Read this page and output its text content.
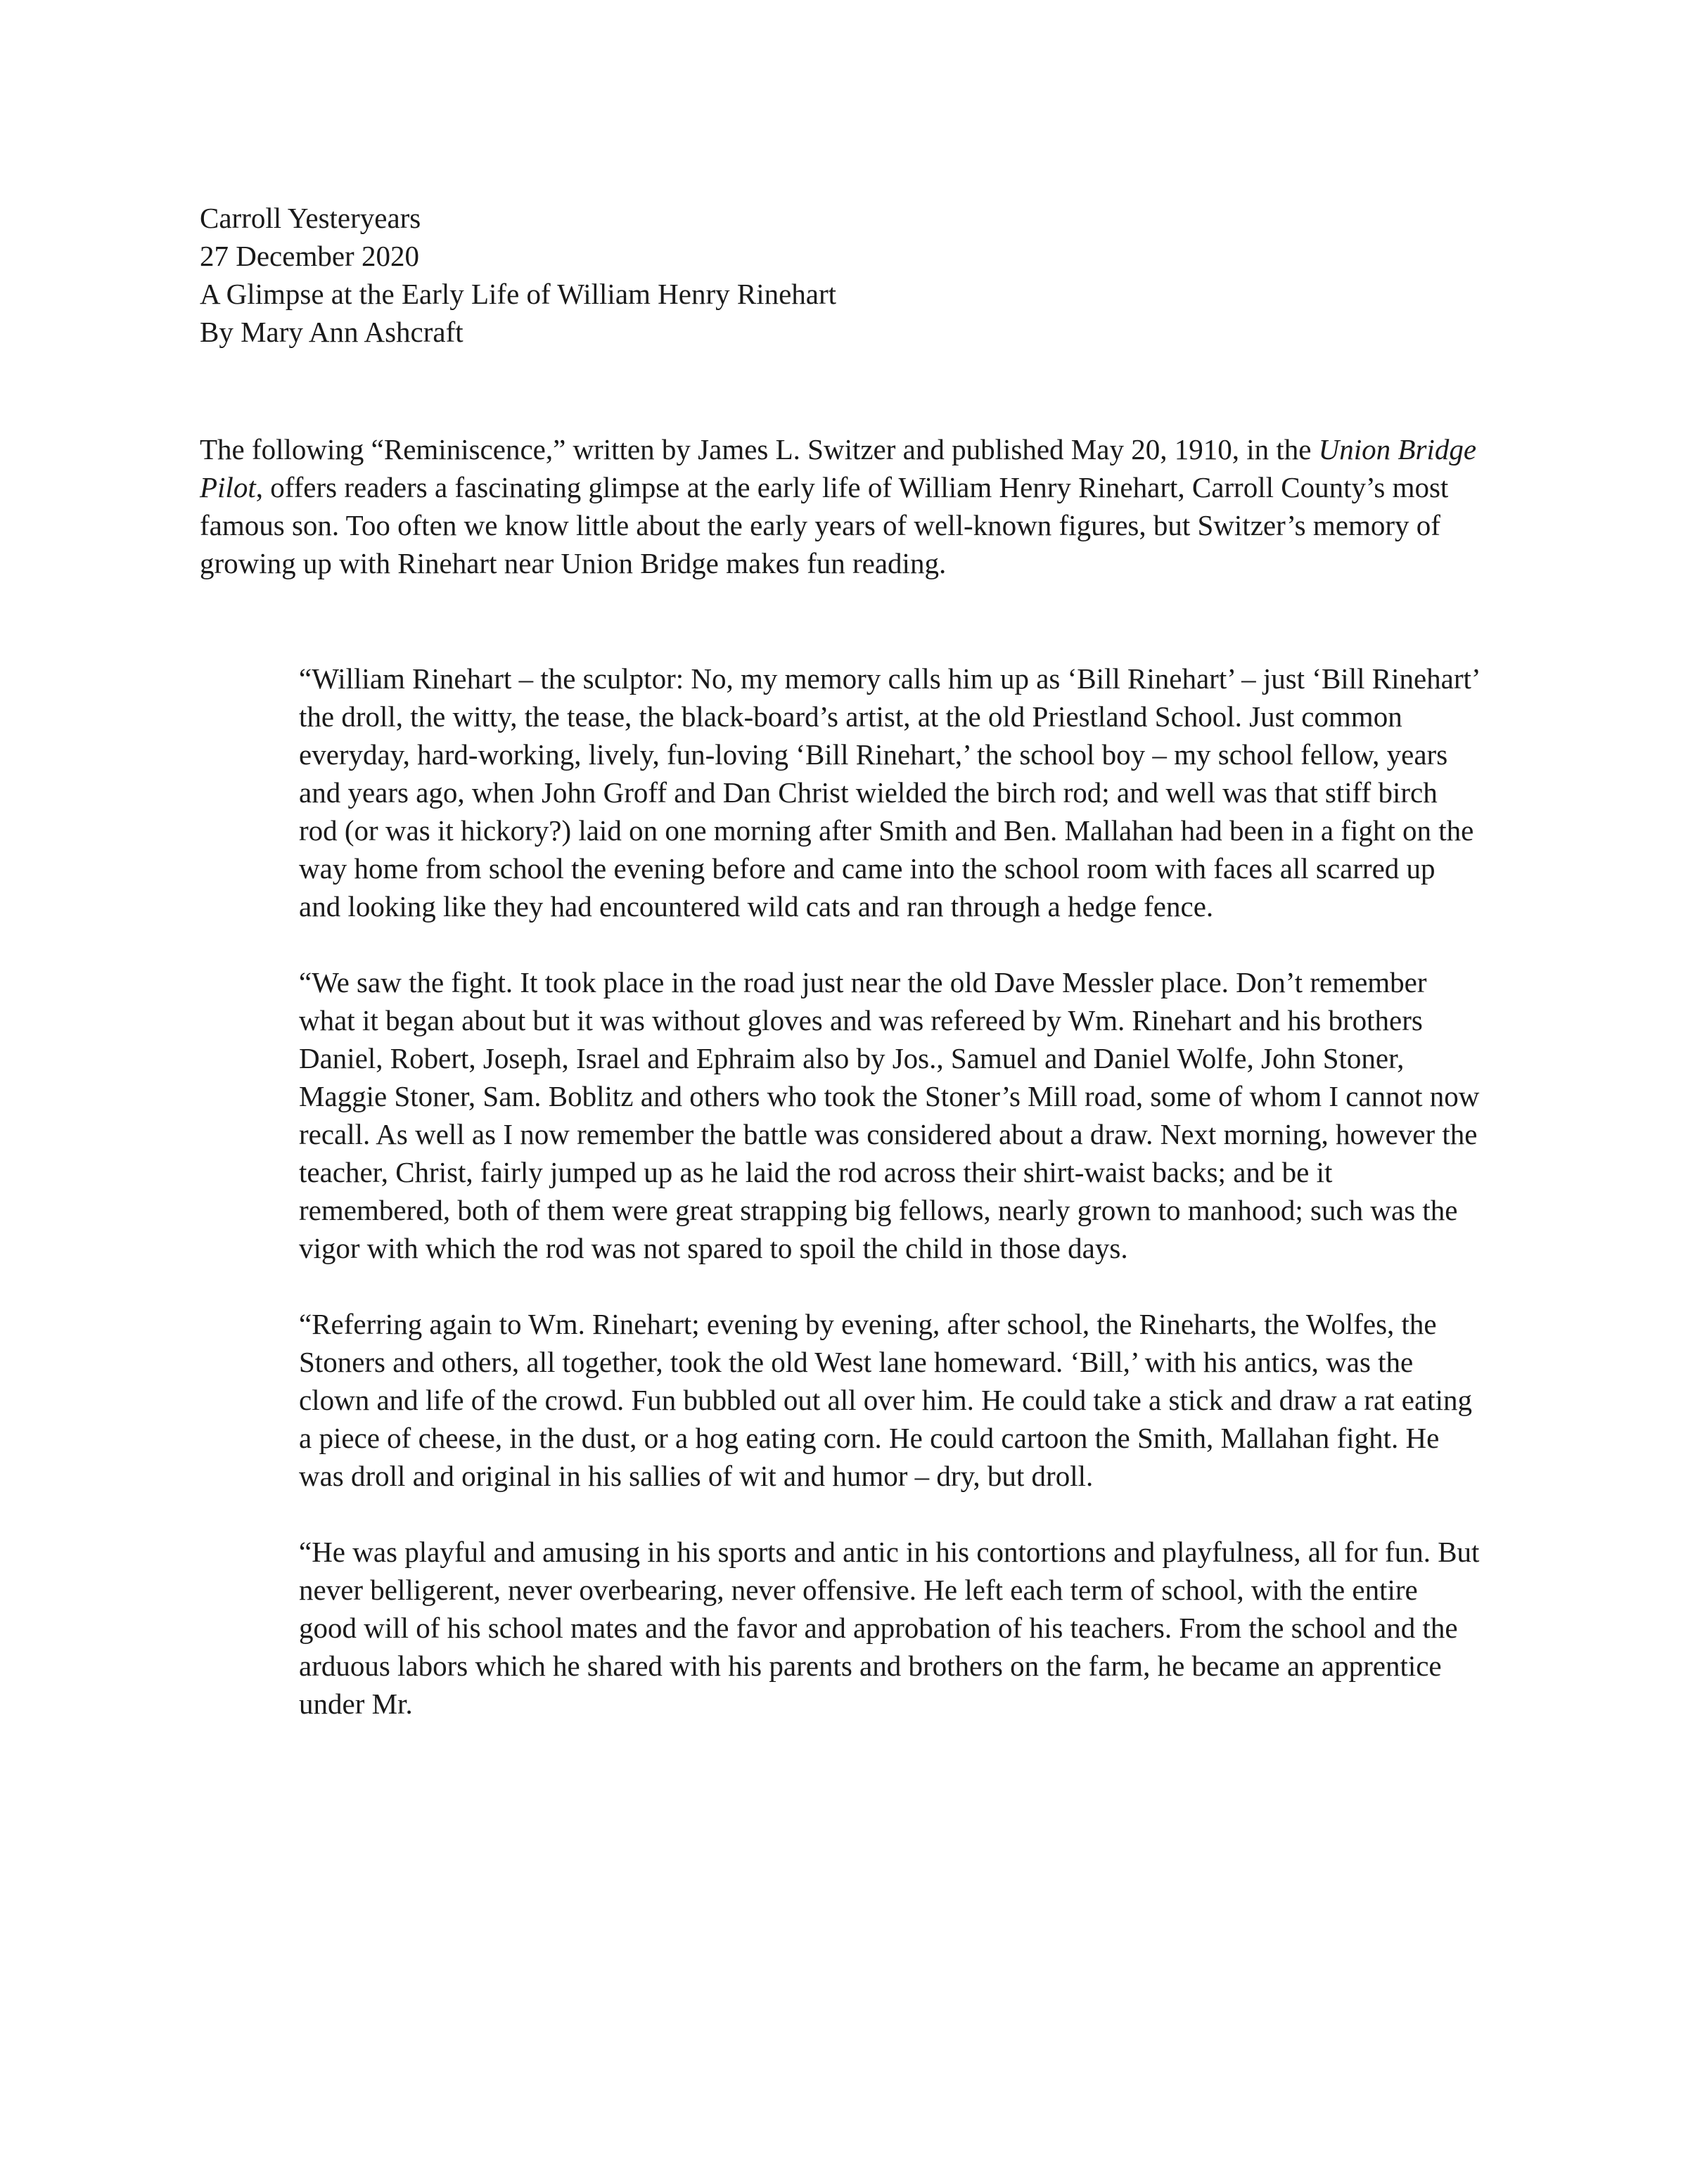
Carroll Yesteryears
27 December 2020
A Glimpse at the Early Life of William Henry Rinehart
By Mary Ann Ashcraft

The following “Reminiscence,” written by James L. Switzer and published May 20, 1910, in the Union Bridge Pilot, offers readers a fascinating glimpse at the early life of William Henry Rinehart, Carroll County’s most famous son. Too often we know little about the early years of well-known figures, but Switzer’s memory of growing up with Rinehart near Union Bridge makes fun reading.

“William Rinehart – the sculptor: No, my memory calls him up as ‘Bill Rinehart’ – just ‘Bill Rinehart’ the droll, the witty, the tease, the black-board’s artist, at the old Priestland School. Just common everyday, hard-working, lively, fun-loving ‘Bill Rinehart,’ the school boy – my school fellow, years and years ago, when John Groff and Dan Christ wielded the birch rod; and well was that stiff birch rod (or was it hickory?) laid on one morning after Smith and Ben. Mallahan had been in a fight on the way home from school the evening before and came into the school room with faces all scarred up and looking like they had encountered wild cats and ran through a hedge fence.

“We saw the fight. It took place in the road just near the old Dave Messler place. Don’t remember what it began about but it was without gloves and was refereed by Wm. Rinehart and his brothers Daniel, Robert, Joseph, Israel and Ephraim also by Jos., Samuel and Daniel Wolfe, John Stoner, Maggie Stoner, Sam. Boblitz and others who took the Stoner’s Mill road, some of whom I cannot now recall. As well as I now remember the battle was considered about a draw. Next morning, however the teacher, Christ, fairly jumped up as he laid the rod across their shirt-waist backs; and be it remembered, both of them were great strapping big fellows, nearly grown to manhood; such was the vigor with which the rod was not spared to spoil the child in those days.

“Referring again to Wm. Rinehart; evening by evening, after school, the Rineharts, the Wolfes, the Stoners and others, all together, took the old West lane homeward. ‘Bill,’ with his antics, was the clown and life of the crowd. Fun bubbled out all over him. He could take a stick and draw a rat eating a piece of cheese, in the dust, or a hog eating corn. He could cartoon the Smith, Mallahan fight. He was droll and original in his sallies of wit and humor – dry, but droll.

“He was playful and amusing in his sports and antic in his contortions and playfulness, all for fun. But never belligerent, never overbearing, never offensive. He left each term of school, with the entire good will of his school mates and the favor and approbation of his teachers. From the school and the arduous labors which he shared with his parents and brothers on the farm, he became an apprentice under Mr.
